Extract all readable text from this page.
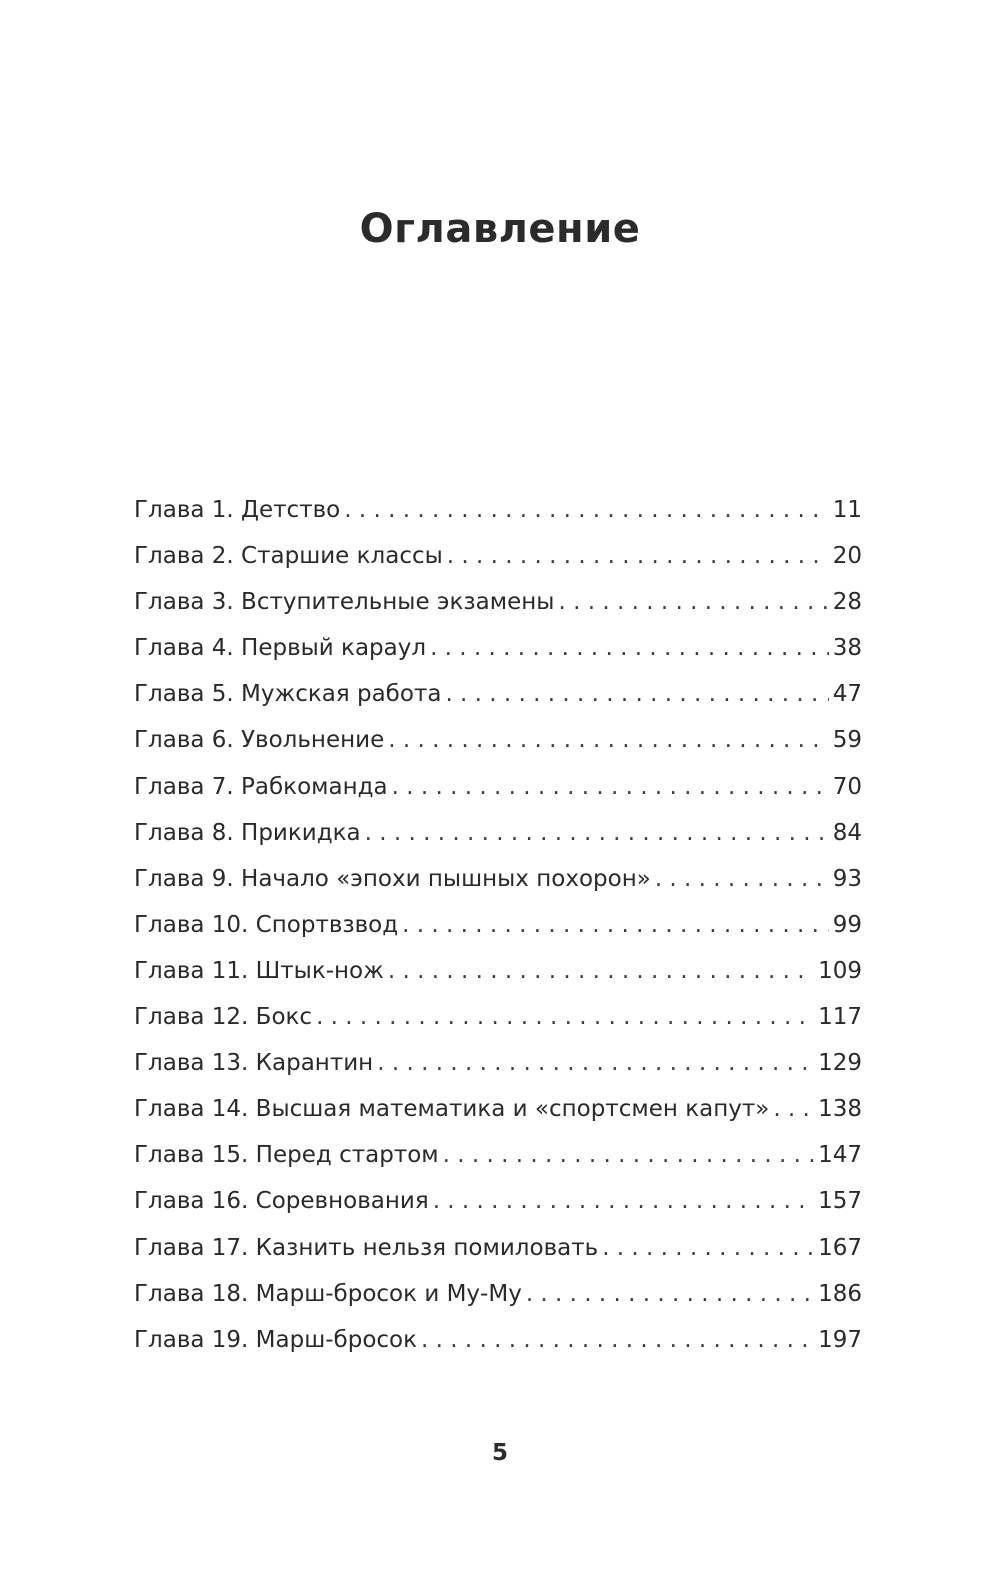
Оглавление
Глава 1. Детство . . .	11
Глава 2. Старшие классы . . .	20
Глава 3. Вступительные экзамены . . .	28
Глава 4. Первый караул . . .	38
Глава 5. Мужская работа . . .	47
Глава 6. Увольнение . . .	59
Глава 7. Рабкоманда . . .	70
Глава 8. Прикидка . . .	84
Глава 9. Начало «эпохи пышных похорон» . . .	93
Глава 10. Спортвзвод . . .	99
Глава 11. Штык-нож . . .	109
Глава 12. Бокс . . .	117
Глава 13. Карантин . . .	129
Глава 14. Высшая математика и «спортсмен капут» . . . 138
Глава 15. Перед стартом . . .	147
Глава 16. Соревнования . . .	157
Глава 17. Казнить нельзя помиловать . . .	167
Глава 18. Марш-бросок и Му-Му . . .	186
Глава 19. Марш-бросок . . .	197
5
